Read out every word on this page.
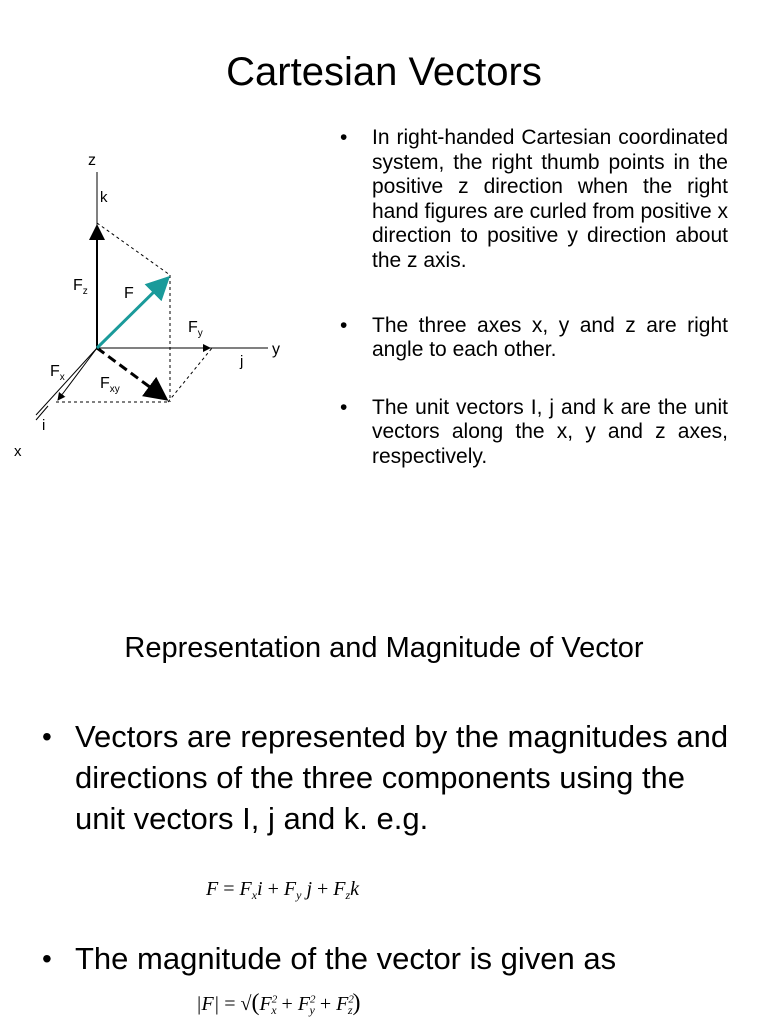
Cartesian Vectors
z
k
y
j
x
i
F
$F_z$
$F_y$
$F_x$ $F_{xy}$
• In right-handed Cartesian coordinated system, the right thumb points in the positive z direction when the right hand figures are curled from positive x direction to positive y direction about the z axis.
• The three axes x, y and z are right angle to each other.
• The unit vectors I, j and k are the unit vectors along the x, y and z axes, respectively.
Representation and Magnitude of Vector
• Vectors are represented by the magnitudes and directions of the three components using the unit vectors I, j and k. e.g.
$F = F_xi + F_y$ $j + F_zk$
• The magnitude of the vector is given as
$|F| = √(F^2_x + F^2_y + F^2_z)$
